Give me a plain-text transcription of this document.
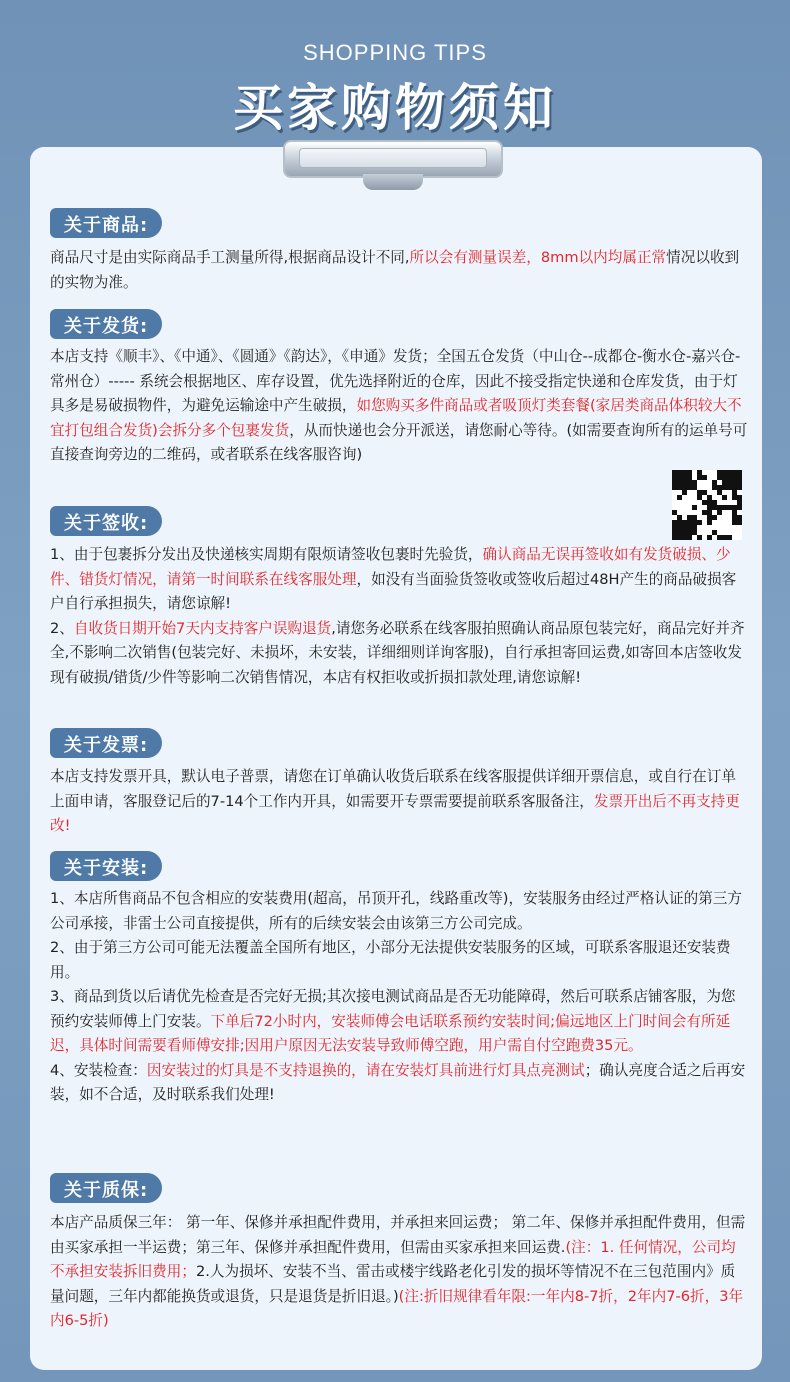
SHOPPING TIPS
买家购物须知
关于商品:
商品尺寸是由实际商品手工测量所得,根据商品设计不同,所以会有测量误差，8mm以内均属正常情况以收到的实物为准。
关于发货:
本店支持《顺丰》、《中通》、《圆通》《韵达》，《申通》发货；全国五仓发货（中山仓--成都仓-衡水仓-嘉兴仓-常州仓）----- 系统会根据地区、库存设置，优先选择附近的仓库，因此不接受指定快递和仓库发货，由于灯具多是易破损物件，为避免运输途中产生破损，如您购买多件商品或者吸顶灯类套餐(家居类商品体积较大不宜打包组合发货)会拆分多个包裹发货，从而快递也会分开派送，请您耐心等待。(如需要查询所有的运单号可直接查询旁边的二维码，或者联系在线客服咨询)
关于签收:
1、由于包裹拆分发出及快递核实周期有限烦请签收包裹时先验货，确认商品无误再签收如有发货破损、少件、错货灯情况，请第一时间联系在线客服处理，如没有当面验货签收或签收后超过48H产生的商品破损客户自行承担损失，请您谅解!
2、自收货日期开始7天内支持客户误购退货,请您务必联系在线客服拍照确认商品原包装完好，商品完好并齐全,不影响二次销售(包装完好、未损坏，未安装，详细细则详询客服)，自行承担寄回运费,如寄回本店签收发现有破损/错货/少件等影响二次销售情况，本店有权拒收或折损扣款处理,请您谅解!
关于发票:
本店支持发票开具，默认电子普票，请您在订单确认收货后联系在线客服提供详细开票信息，或自行在订单上面申请，客服登记后的7-14个工作内开具，如需要开专票需要提前联系客服备注，发票开出后不再支持更改!
关于安装:
1、本店所售商品不包含相应的安装费用(超高，吊顶开孔，线路重改等)，安装服务由经过严格认证的第三方公司承接，非雷士公司直接提供，所有的后续安装会由该第三方公司完成。
2、由于第三方公司可能无法覆盖全国所有地区，小部分无法提供安装服务的区域，可联系客服退还安装费用。
3、商品到货以后请优先检查是否完好无损;其次接电测试商品是否无功能障碍，然后可联系店铺客服，为您预约安装师傅上门安装。下单后72小时内，安装师傅会电话联系预约安装时间;偏远地区上门时间会有所延迟，具体时间需要看师傅安排;因用户原因无法安装导致师傅空跑，用户需自付空跑费35元。
4、安装检查：因安装过的灯具是不支持退换的，请在安装灯具前进行灯具点亮测试；确认亮度合适之后再安装，如不合适，及时联系我们处理!
关于质保:
本店产品质保三年： 第一年、保修并承担配件费用，并承担来回运费； 第二年、保修并承担配件费用，但需由买家承担一半运费；第三年、保修并承担配件费用，但需由买家承担来回运费.(注：1. 任何情况，公司均不承担安装拆旧费用；2.人为损坏、安装不当、雷击或楼宇线路老化引发的损坏等情况不在三包范围内》质量问题，三年内都能换货或退货，只是退货是折旧退。)(注:折旧规律看年限:一年内8-7折，2年内7-6折，3年内6-5折)
